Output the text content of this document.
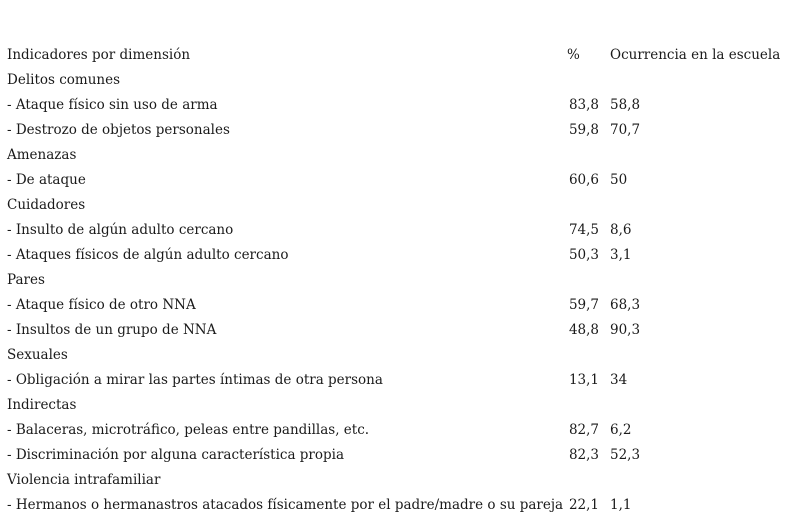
Indicadores por dimensión	% Ocurrencia en la escuela
Delitos comunes
- Ataque físico sin uso de arma	83,8 58,8
- Destrozo de objetos personales	59,8 70,7
Amenazas
- De ataque	60,6 50
Cuidadores
- Insulto de algún adulto cercano	74,5 8,6
- Ataques físicos de algún adulto cercano	50,3 3,1
Pares
- Ataque físico de otro NNA	59,7 68,3
- Insultos de un grupo de NNA	48,8 90,3
Sexuales
- Obligación a mirar las partes íntimas de otra persona	13,1 34
Indirectas
- Balaceras, microtráfico, peleas entre pandillas, etc.	82,7 6,2
- Discriminación por alguna característica propia	82,3 52,3
Violencia intrafamiliar
- Hermanos o hermanastros atacados físicamente por el padre/madre o su pareja 22,1 1,1
